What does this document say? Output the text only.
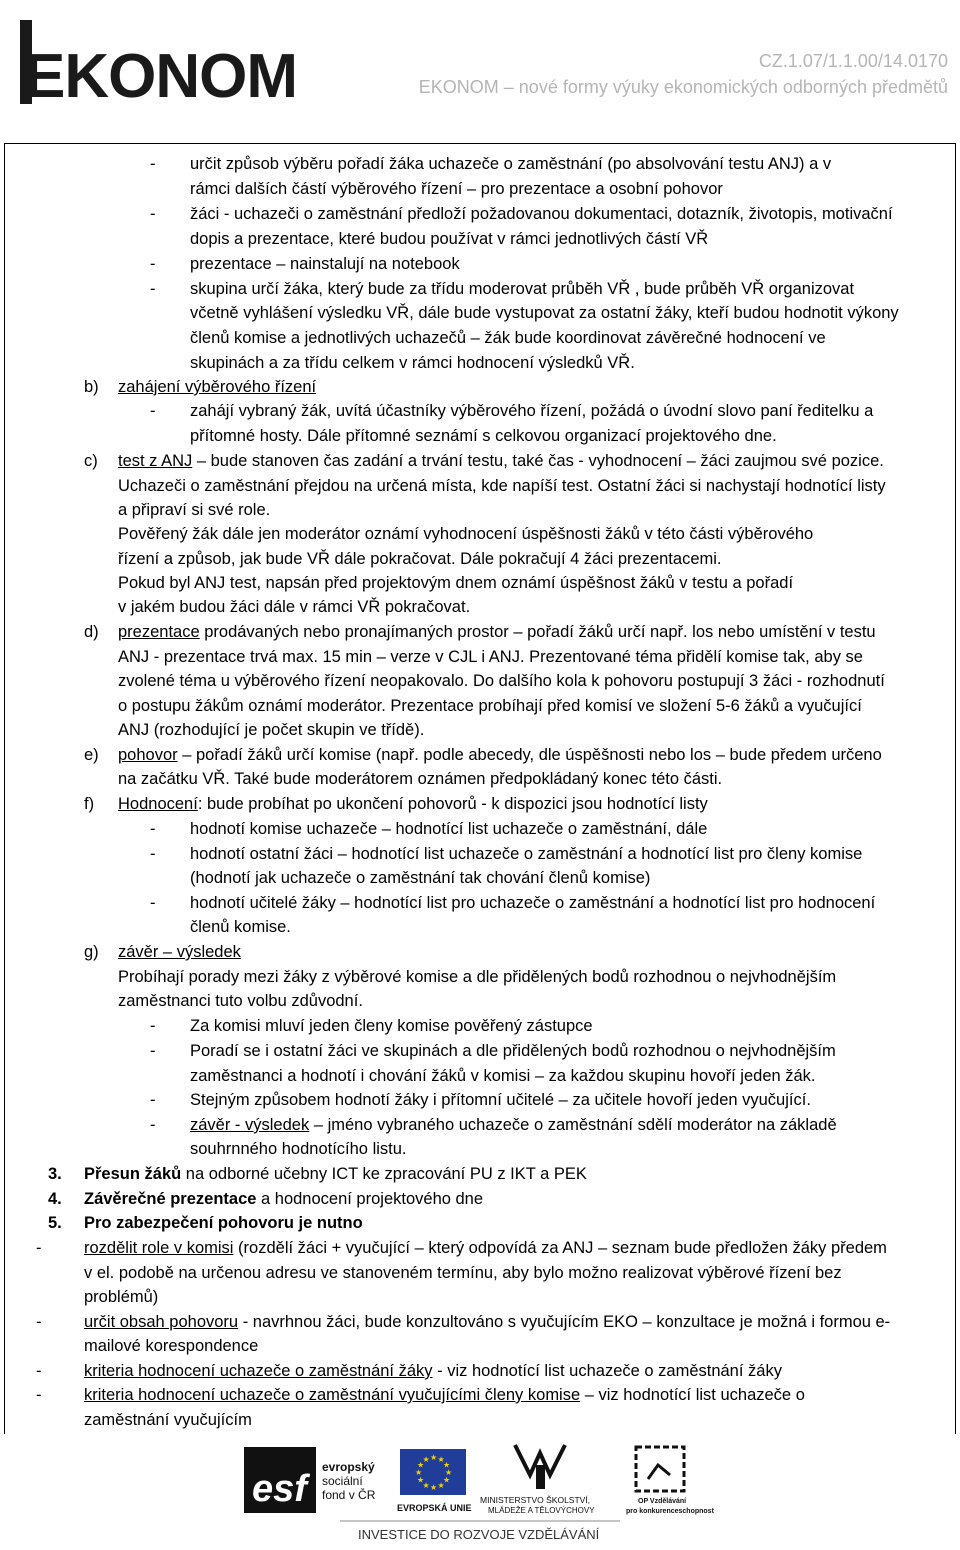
EKONOM	CZ.1.07/1.1.00/14.0170
EKONOM – nové formy výuky ekonomických odborných předmětů
- určit způsob výběru pořadí žáka uchazeče o zaměstnání (po absolvování testu ANJ) a v
rámci dalších částí výběrového řízení – pro prezentace a osobní pohovor
- žáci - uchazeči o zaměstnání předloží požadovanou dokumentaci, dotazník, životopis, motivační
dopis a prezentace, které budou používat v rámci jednotlivých částí VŘ
- prezentace – nainstalují na notebook
- skupina určí žáka, který bude za třídu moderovat průběh VŘ , bude průběh VŘ organizovat
včetně vyhlášení výsledku VŘ, dále bude vystupovat za ostatní žáky, kteří budou hodnotit výkony
členů komise a jednotlivých uchazečů – žák bude koordinovat závěrečné hodnocení ve
skupinách a za třídu celkem v rámci hodnocení výsledků VŘ.
b) zahájení výběrového řízení
- zahájí vybraný žák, uvítá účastníky výběrového řízení, požádá o úvodní slovo paní ředitelku a
přítomné hosty. Dále přítomné seznámí s celkovou organizací projektového dne.
c) test z ANJ – bude stanoven čas zadání a trvání testu, také čas - vyhodnocení – žáci zaujmou své pozice.
Uchazeči o zaměstnání přejdou na určená místa, kde napíší test. Ostatní žáci si nachystají hodnotící listy
a připraví si své role.
Pověřený žák dále jen moderátor oznámí vyhodnocení úspěšnosti žáků v této části výběrového
řízení a způsob, jak bude VŘ dále pokračovat. Dále pokračují 4 žáci prezentacemi.
Pokud byl ANJ test, napsán před projektovým dnem oznámí úspěšnost žáků v testu a pořadí
v jakém budou žáci dále v rámci VŘ pokračovat.
d) prezentace prodávaných nebo pronajímaných prostor – pořadí žáků určí např. los nebo umístění v testu
ANJ - prezentace trvá max. 15 min – verze v CJL i ANJ. Prezentované téma přidělí komise tak, aby se
zvolené téma u výběrového řízení neopakovalo. Do dalšího kola k pohovoru postupují 3 žáci - rozhodnutí
o postupu žákům oznámí moderátor. Prezentace probíhají před komisí ve složení 5-6 žáků a vyučující
ANJ (rozhodující je počet skupin ve třídě).
e) pohovor – pořadí žáků určí komise (např. podle abecedy, dle úspěšnosti nebo los – bude předem určeno
na začátku VŘ. Také bude moderátorem oznámen předpokládaný konec této části.
f) Hodnocení: bude probíhat po ukončení pohovorů - k dispozici jsou hodnotící listy
- hodnotí komise uchazeče – hodnotící list uchazeče o zaměstnání, dále
- hodnotí ostatní žáci – hodnotící list uchazeče o zaměstnání a hodnotící list pro členy komise
(hodnotí jak uchazeče o zaměstnání tak chování členů komise)
- hodnotí učitelé žáky – hodnotící list pro uchazeče o zaměstnání a hodnotící list pro hodnocení
členů komise.
g) závěr – výsledek
Probíhají porady mezi žáky z výběrové komise a dle přidělených bodů rozhodnou o nejvhodnějším
zaměstnanci tuto volbu zdůvodní.
- Za komisi mluví jeden členy komise pověřený zástupce
- Poradí se i ostatní žáci ve skupinách a dle přidělených bodů rozhodnou o nejvhodnějším
zaměstnanci a hodnotí i chování žáků v komisi – za každou skupinu hovoří jeden žák.
- Stejným způsobem hodnotí žáky i přítomní učitelé – za učitele hovoří jeden vyučující.
- závěr - výsledek – jméno vybraného uchazeče o zaměstnání sdělí moderátor na základě
souhrnného hodnotícího listu.
3. Přesun žáků na odborné učebny ICT ke zpracování PU z IKT a PEK
4. Závěrečné prezentace a hodnocení projektového dne
5. Pro zabezpečení pohovoru je nutno
-	rozdělit role v komisi (rozdělí žáci + vyučující – který odpovídá za ANJ – seznam bude předložen žáky předem
v el. podobě na určenou adresu ve stanoveném termínu, aby bylo možno realizovat výběrové řízení bez
problémů)
-	určit obsah pohovoru - navrhnou žáci, bude konzultováno s vyučujícím EKO – konzultace je možná i formou e-
mailové korespondence
-	kriteria hodnocení uchazeče o zaměstnání žáky - viz hodnotící list uchazeče o zaměstnání žáky
-	kriteria hodnocení uchazeče o zaměstnání vyučujícími členy komise – viz hodnotící list uchazeče o
zaměstnání vyučujícím
esf
evropský
sociální
fond v ČR
★
★
★
★
★
★
★
★
★ ★ ★
★
EVROPSKÁ UNIE
MINISTERSTVO ŠKOLSTVÍ,
MLÁDEŽE A TĚLOVÝCHOVY
OP Vzdělávání
pro konkurenceschopnost
INVESTICE DO ROZVOJE VZDĚLÁVÁNÍ
